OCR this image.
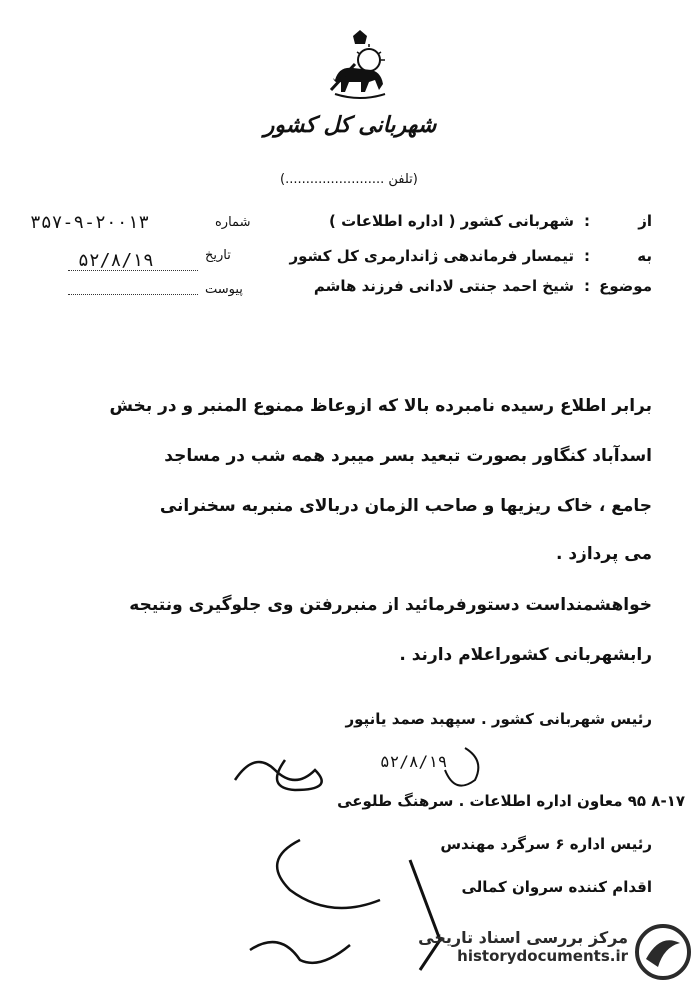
شهربانی کل کشور
(تلفن ........................)
از
:
شهربانی کشور ( اداره اطلاعات )
به
:
تیمسار فرماندهی ژاندارمری کل کشور
موضوع
:
شیخ احمد جنتی لادانی فرزند هاشم
شماره
۳۵۷-۹-۲۰۰۱۳
تاریخ
۵۲/۸/۱۹
پیوست
برابر اطلاع رسیده نامبرده بالا که ازوعاظ ممنوع المنبر و در بخش
اسدآباد کنگاور بصورت تبعید بسر میبرد همه شب در مساجد
جامع ، خاک ریزیها و صاحب الزمان دربالای منبربه سخنرانی
می پردازد .
خواهشمنداست دستورفرمائید از منبررفتن وی جلوگیری ونتیجه
رابشهربانی کشوراعلام دارند .
رئیس شهربانی کشور . سپهبد صمد یانپور
۵۲/۸/۱۹
۸-۱۷ ۹۵ معاون اداره اطلاعات . سرهنگ طلوعی
رئیس اداره ۶ سرگرد مهندس
اقدام کننده سروان کمالی
مرکز بررسی اسناد تاریخی
historydocuments.ir
